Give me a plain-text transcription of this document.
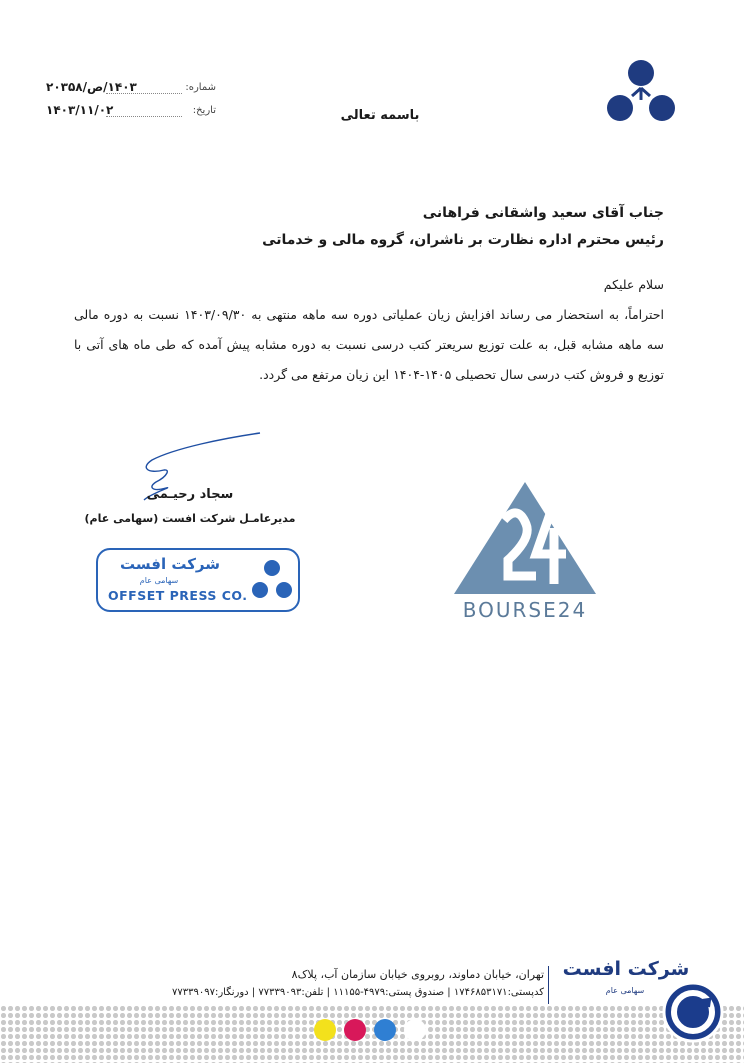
شماره:
۱۴۰۳/ص/۲۰۳۵۸
تاریخ:
۱۴۰۳/۱۱/۰۲	باسمه تعالی
جناب آقای سعید واشقانی فراهانی
رئیس محترم اداره نظارت بر ناشران، گروه مالی و خدماتی
سلام علیکم
احتراماً، به استحضار می رساند افزایش زیان عملیاتی دوره سه ماهه منتهی به ۱۴۰۳/۰۹/۳۰ نسبت به دوره مالی سه ماهه مشابه قبل، به علت توزیع سریعتر کتب درسی نسبت به دوره مشابه پیش آمده که طی ماه های آتی با توزیع و فروش کتب درسی سال تحصیلی ۱۴۰۵-۱۴۰۴ این زیان مرتفع می گردد.
سجاد رحیـمی
مدیرعامـل شرکت افست (سهامی عام)
شرکت افست
سهامی عام
OFFSET PRESS CO.
BOURSE24
تهران، خیابان دماوند، روبروی خیابان سازمان آب، پلاک۸
کدپستی:۱۷۴۶۸۵۳۱۷۱ | صندوق پستی:۴۹۷۹-۱۱۱۵۵ | تلفن:۷۷۳۳۹۰۹۳ | دورنگار:۷۷۳۳۹۰۹۷
شرکت افست
سهامی عام
